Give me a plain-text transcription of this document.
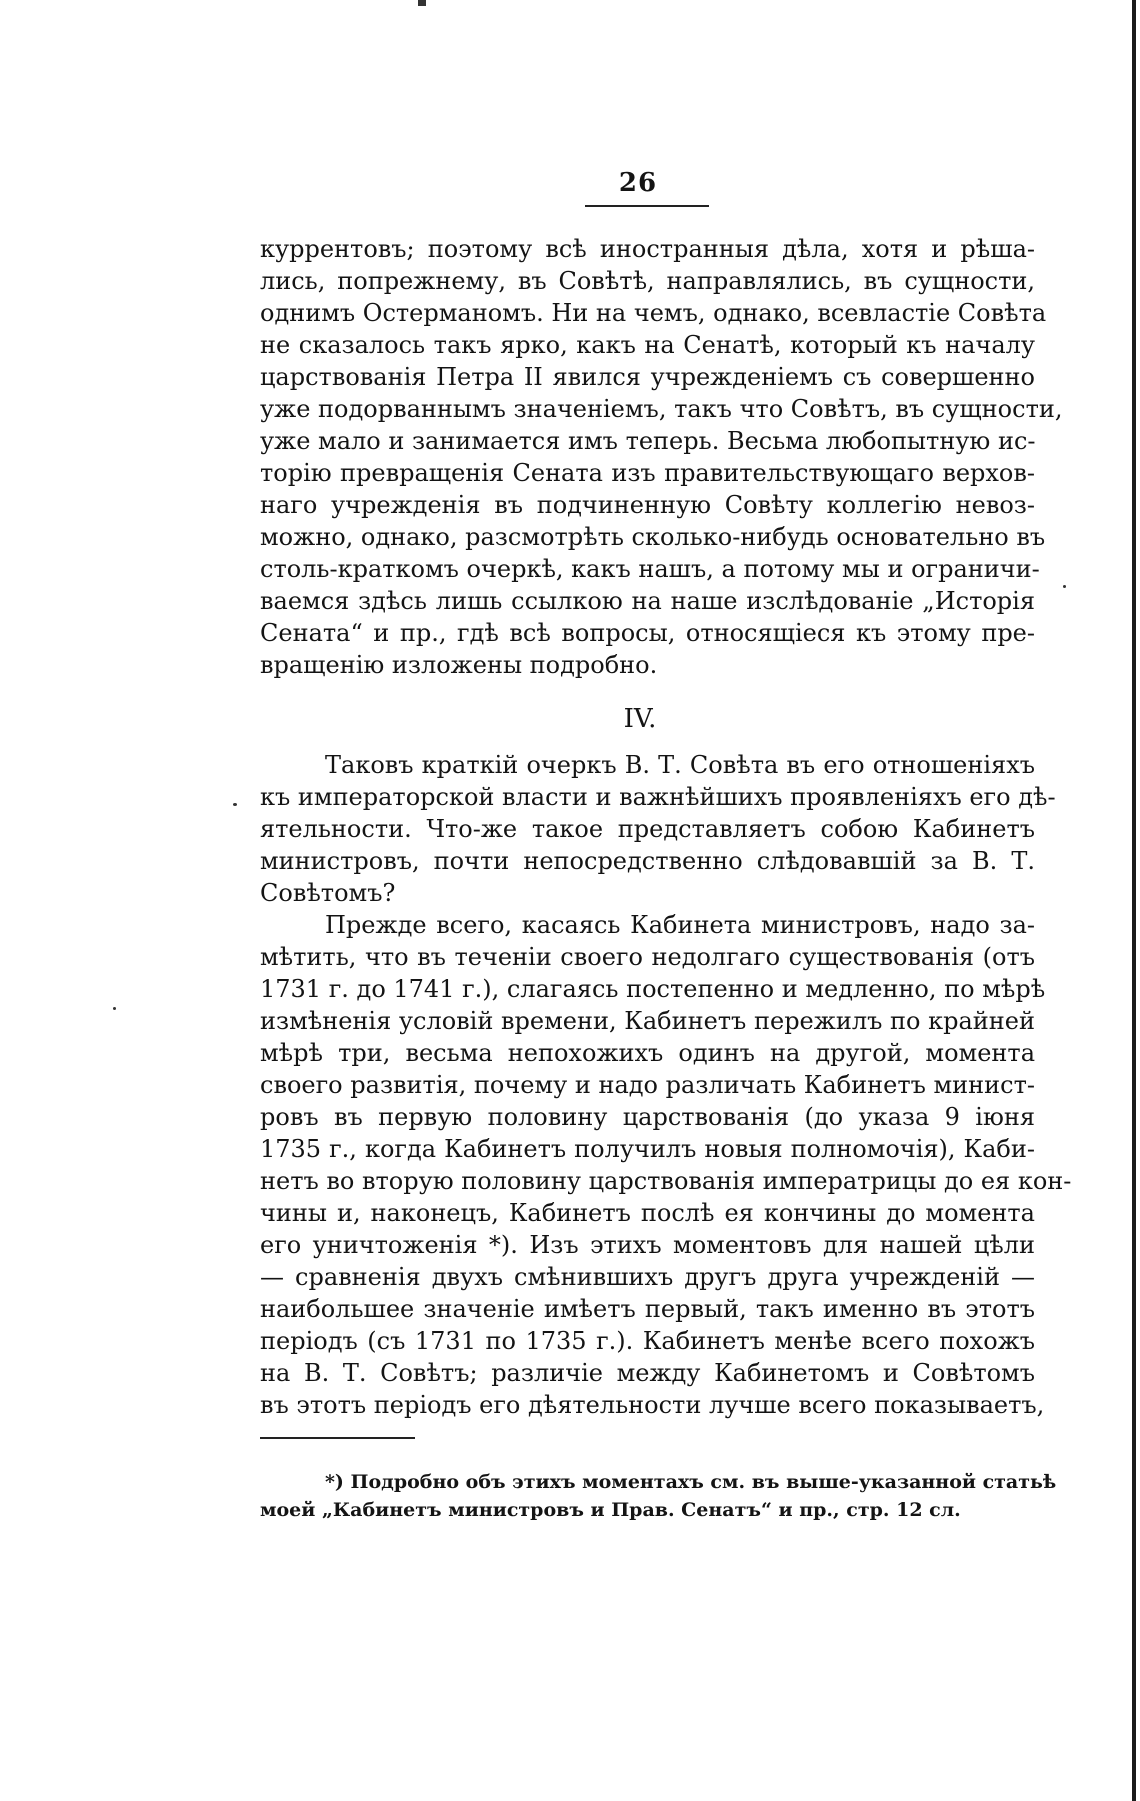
26
куррентовъ; поэтому всѣ иностранныя дѣла, хотя и рѣша-
лись, попрежнему, въ Совѣтѣ, направлялись, въ сущности,
однимъ Остерманомъ. Ни на чемъ, однако, всевластіе Совѣта
не сказалось такъ ярко, какъ на Сенатѣ, который къ началу
царствованія Петра II явился учрежденіемъ съ совершенно
уже подорваннымъ значеніемъ, такъ что Совѣтъ, въ сущности,
уже мало и занимается имъ теперь. Весьма любопытную ис-
торію превращенія Сената изъ правительствующаго верхов-
наго учрежденія въ подчиненную Совѣту коллегію невоз-
можно, однако, разсмотрѣть сколько-нибудь основательно въ
столь-краткомъ очеркѣ, какъ нашъ, а потому мы и ограничи-
ваемся здѣсь лишь ссылкою на наше изслѣдованіе „Исторія
Сената“ и пр., гдѣ всѣ вопросы, относящіеся къ этому пре-
вращенію изложены подробно.
IV.
Таковъ краткій очеркъ В. Т. Совѣта въ его отношеніяхъ
къ императорской власти и важнѣйшихъ проявленіяхъ его дѣ-
ятельности. Что-же такое представляетъ собою Кабинетъ
министровъ, почти непосредственно слѣдовавшій за В. Т.
Совѣтомъ?
Прежде всего, касаясь Кабинета министровъ, надо за-
мѣтить, что въ теченіи своего недолгаго существованія (отъ
1731 г. до 1741 г.), слагаясь постепенно и медленно, по мѣрѣ
измѣненія условій времени, Кабинетъ пережилъ по крайней
мѣрѣ три, весьма непохожихъ одинъ на другой, момента
своего развитія, почему и надо различать Кабинетъ минист-
ровъ въ первую половину царствованія (до указа 9 іюня
1735 г., когда Кабинетъ получилъ новыя полномочія), Каби-
нетъ во вторую половину царствованія императрицы до ея кон-
чины и, наконецъ, Кабинетъ послѣ ея кончины до момента
его уничтоженія *). Изъ этихъ моментовъ для нашей цѣли
— сравненія двухъ смѣнившихъ другъ друга учрежденій —
наибольшее значеніе имѣетъ первый, такъ именно въ этотъ
періодъ (съ 1731 по 1735 г.). Кабинетъ менѣе всего похожъ
на В. Т. Совѣтъ; различіе между Кабинетомъ и Совѣтомъ
въ этотъ періодъ его дѣятельности лучше всего показываетъ,
*) Подробно объ этихъ моментахъ см. въ выше-указанной статьѣ
моей „Кабинетъ министровъ и Прав. Сенатъ“ и пр., стр. 12 сл.
